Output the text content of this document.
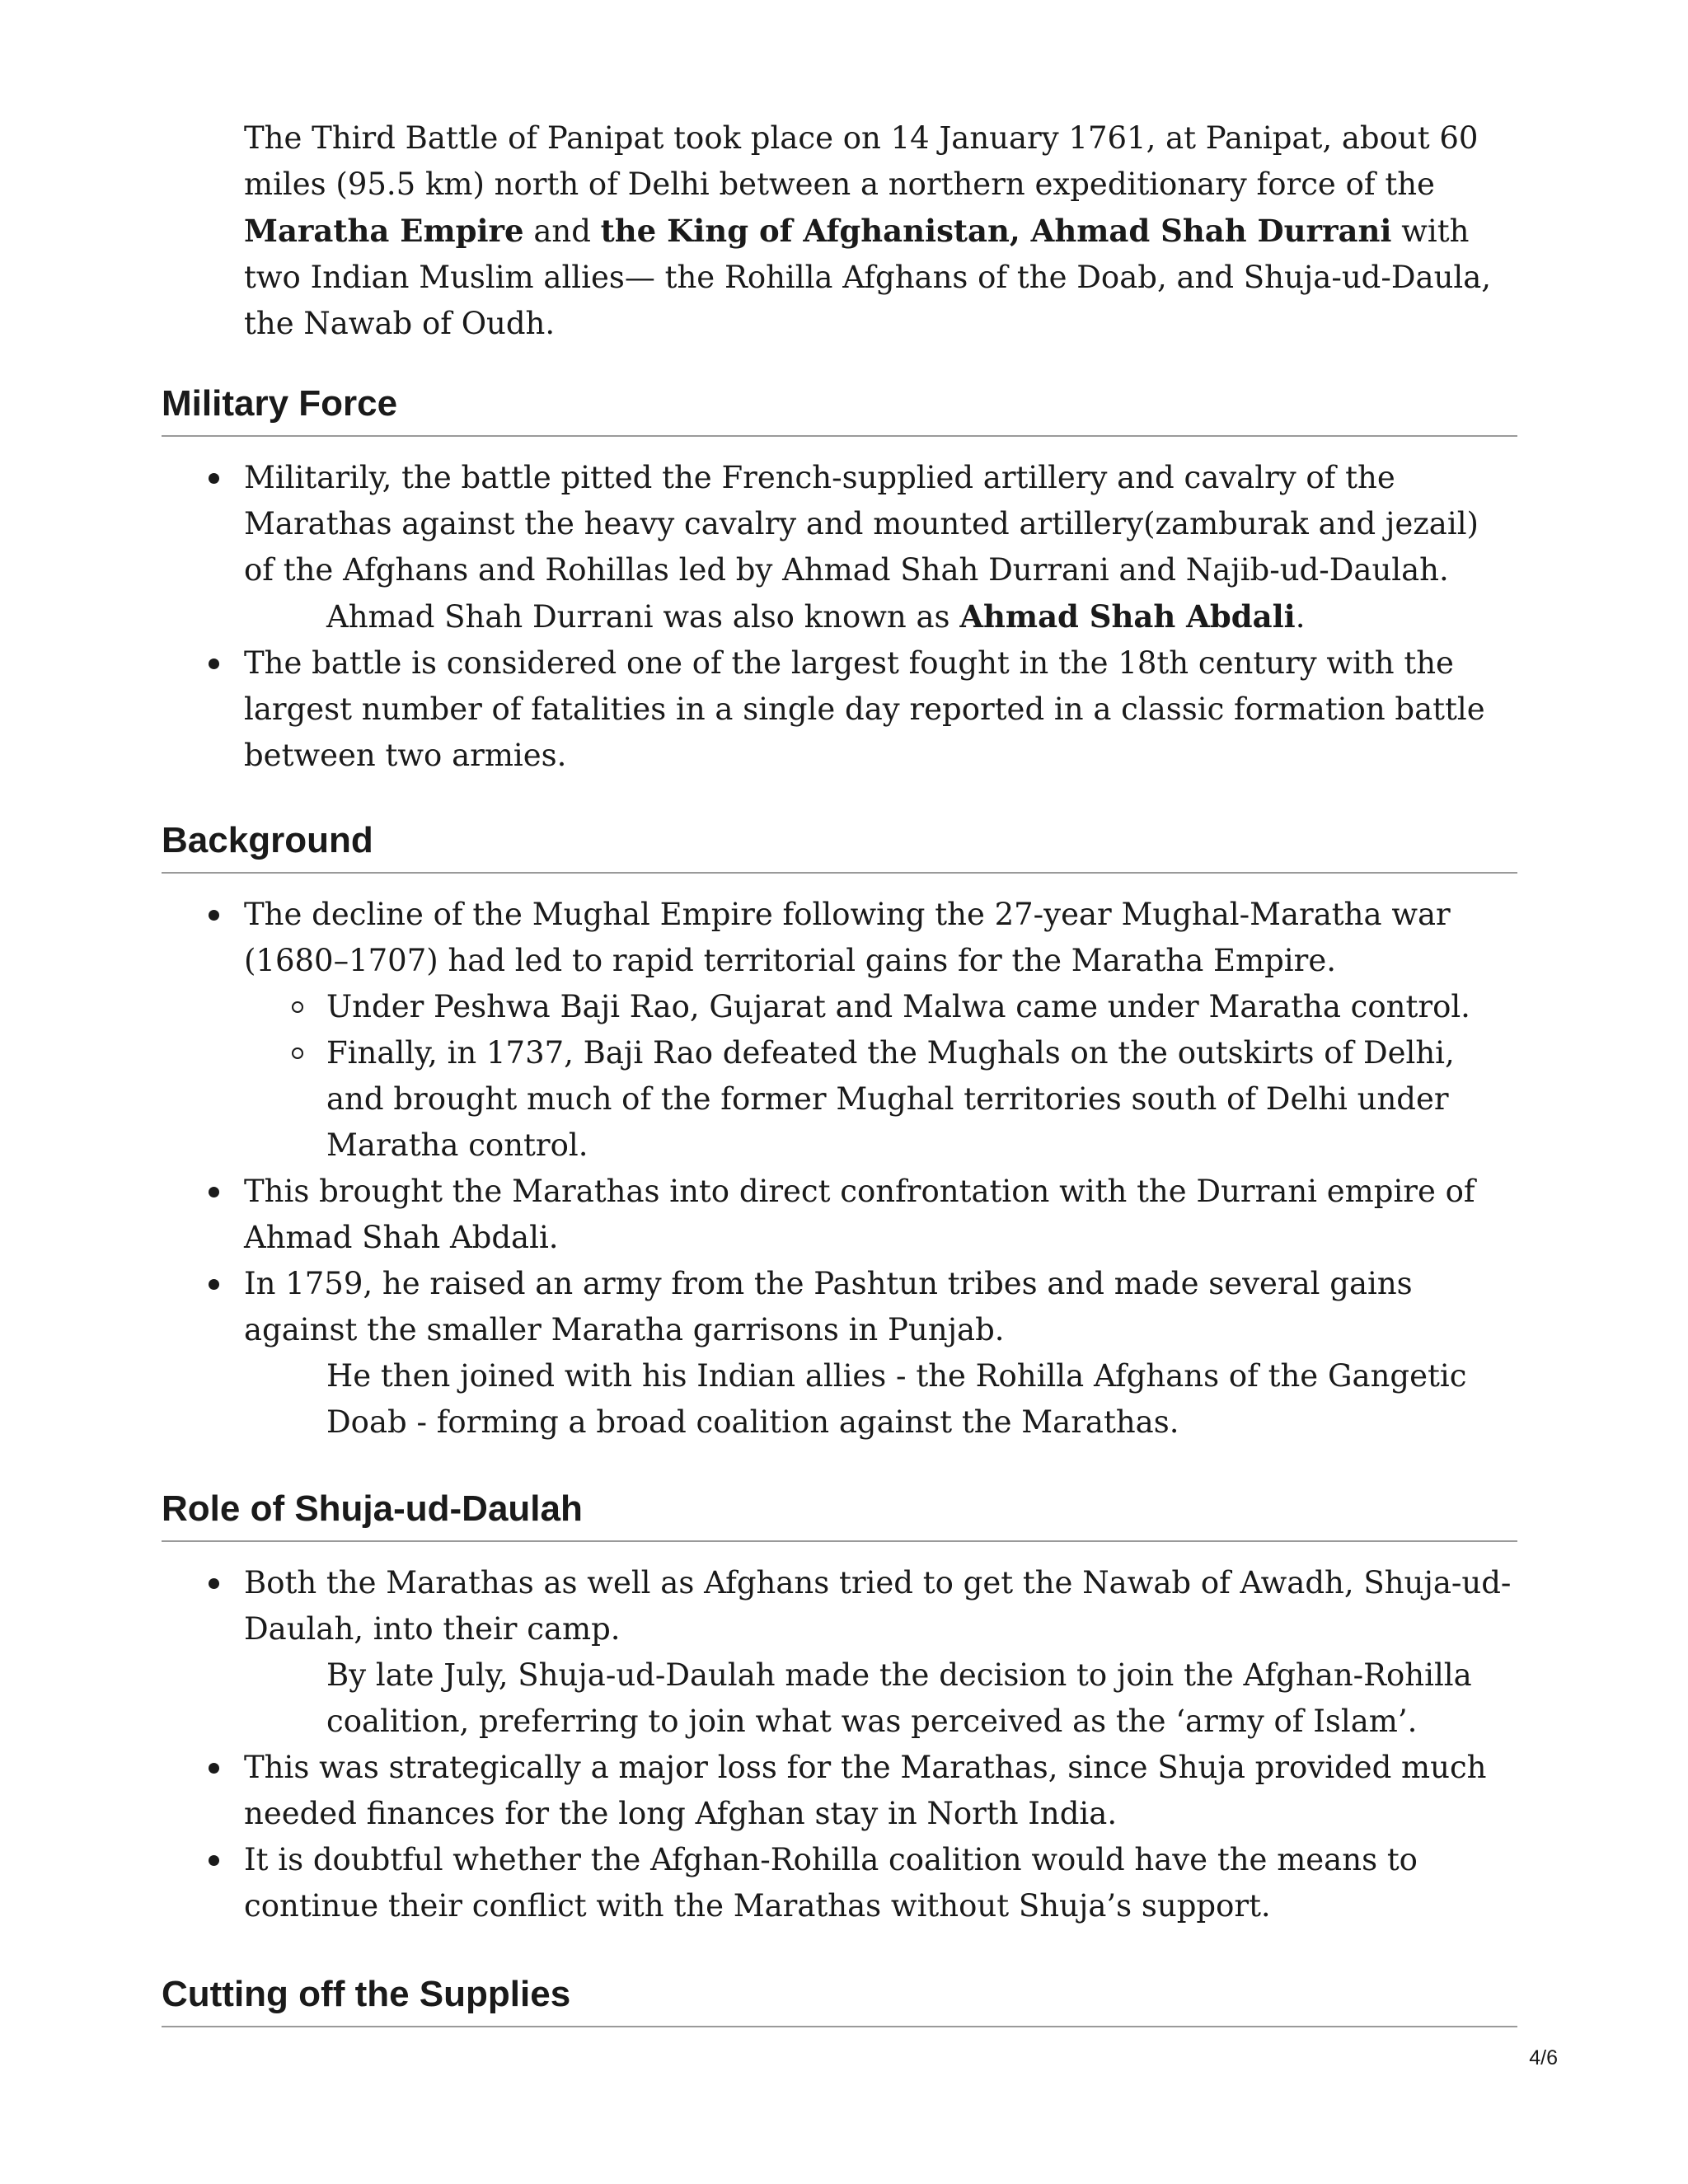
The Third Battle of Panipat took place on 14 January 1761, at Panipat, about 60 miles (95.5 km) north of Delhi between a northern expeditionary force of the Maratha Empire and the King of Afghanistan, Ahmad Shah Durrani with two Indian Muslim allies— the Rohilla Afghans of the Doab, and Shuja-ud-Daula, the Nawab of Oudh.

Military Force
Militarily, the battle pitted the French-supplied artillery and cavalry of the Marathas against the heavy cavalry and mounted artillery(zamburak and jezail) of the Afghans and Rohillas led by Ahmad Shah Durrani and Najib-ud-Daulah.
Ahmad Shah Durrani was also known as Ahmad Shah Abdali.
The battle is considered one of the largest fought in the 18th century with the largest number of fatalities in a single day reported in a classic formation battle between two armies.
Background
The decline of the Mughal Empire following the 27-year Mughal-Maratha war (1680–1707) had led to rapid territorial gains for the Maratha Empire.
Under Peshwa Baji Rao, Gujarat and Malwa came under Maratha control.
Finally, in 1737, Baji Rao defeated the Mughals on the outskirts of Delhi, and brought much of the former Mughal territories south of Delhi under Maratha control.
This brought the Marathas into direct confrontation with the Durrani empire of Ahmad Shah Abdali.
In 1759, he raised an army from the Pashtun tribes and made several gains against the smaller Maratha garrisons in Punjab.
He then joined with his Indian allies - the Rohilla Afghans of the Gangetic Doab - forming a broad coalition against the Marathas.
Role of Shuja-ud-Daulah
Both the Marathas as well as Afghans tried to get the Nawab of Awadh, Shuja-ud-Daulah, into their camp.
By late July, Shuja-ud-Daulah made the decision to join the Afghan-Rohilla coalition, preferring to join what was perceived as the ‘army of Islam’.
This was strategically a major loss for the Marathas, since Shuja provided much needed finances for the long Afghan stay in North India.
It is doubtful whether the Afghan-Rohilla coalition would have the means to continue their conflict with the Marathas without Shuja’s support.
Cutting off the Supplies
4/6
